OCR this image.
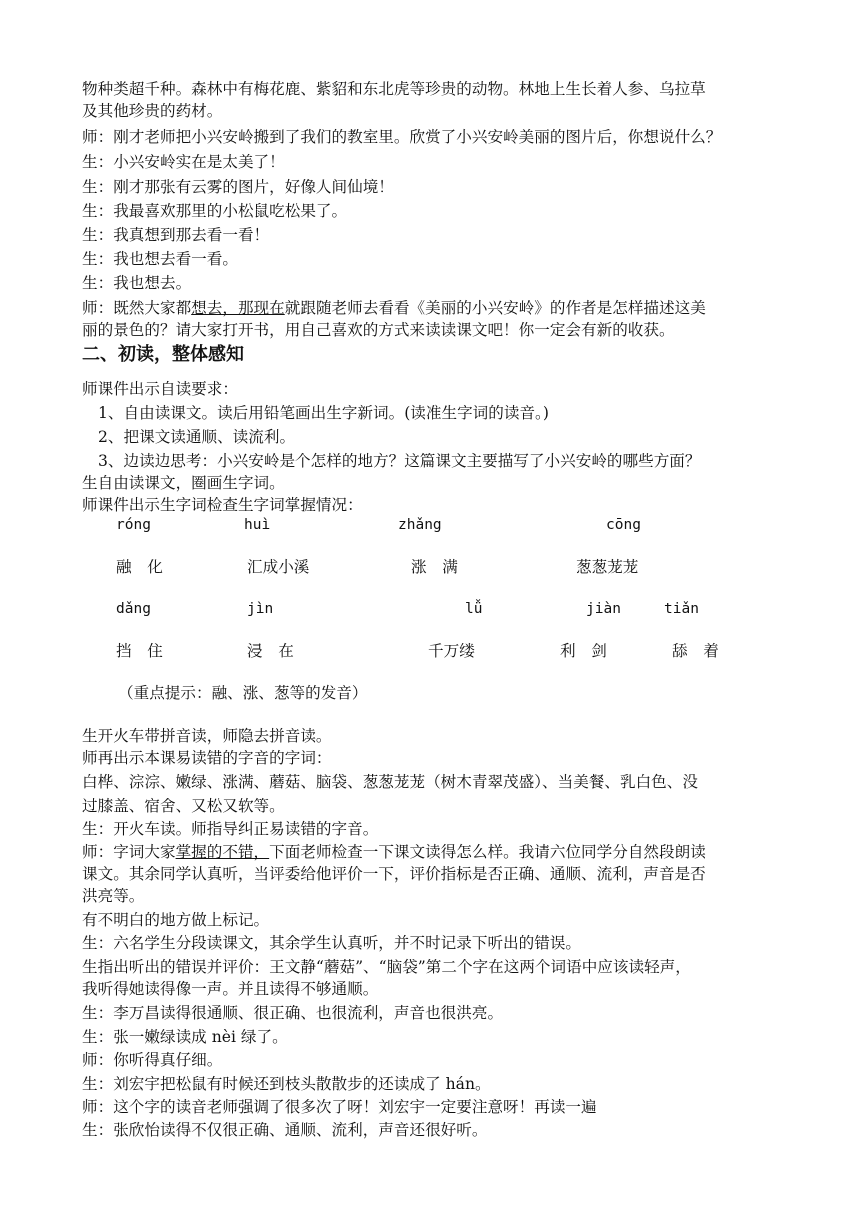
物种类超千种。森林中有梅花鹿、紫貂和东北虎等珍贵的动物。林地上生长着人参、乌拉草
及其他珍贵的药材。
师：刚才老师把小兴安岭搬到了我们的教室里。欣赏了小兴安岭美丽的图片后，你想说什么？
生：小兴安岭实在是太美了！
生：刚才那张有云雾的图片，好像人间仙境！
生：我最喜欢那里的小松鼠吃松果了。
生：我真想到那去看一看！
生：我也想去看一看。
生：我也想去。
师：既然大家都想去，那现在就跟随老师去看看《美丽的小兴安岭》的作者是怎样描述这美
丽的景色的？请大家打开书，用自己喜欢的方式来读读课文吧！你一定会有新的收获。
二、初读，整体感知
师课件出示自读要求：
1、自由读课文。读后用铅笔画出生字新词。(读准生字词的读音。)
2、把课文读通顺、读流利。
3、边读边思考：小兴安岭是个怎样的地方？这篇课文主要描写了小兴安岭的哪些方面？
生自由读课文，圈画生字词。
师课件出示生字词检查生字词掌握情况：
róng	huì	zhǎng	cōng
融　化	汇成小溪	涨　满	葱葱茏茏
dǎng	jìn	lǚ	jiàn	tiǎn
挡　住	浸　在	千万缕	利　剑	舔　着
（重点提示：融、涨、葱等的发音）
生开火车带拼音读，师隐去拼音读。
师再出示本课易读错的字音的字词：
白桦、淙淙、嫩绿、涨满、蘑菇、脑袋、葱葱茏茏（树木青翠茂盛）、当美餐、乳白色、没
过膝盖、宿舍、又松又软等。
生：开火车读。师指导纠正易读错的字音。
师：字词大家掌握的不错，下面老师检查一下课文读得怎么样。我请六位同学分自然段朗读
课文。其余同学认真听，当评委给他评价一下，评价指标是否正确、通顺、流利，声音是否
洪亮等。
有不明白的地方做上标记。
生：六名学生分段读课文，其余学生认真听，并不时记录下听出的错误。
生指出听出的错误并评价：王文静“蘑菇”、“脑袋”第二个字在这两个词语中应该读轻声，
我听得她读得像一声。并且读得不够通顺。
生：李万昌读得很通顺、很正确、也很流利，声音也很洪亮。
生：张一嫩绿读成 nèi 绿了。
师：你听得真仔细。
生：刘宏宇把松鼠有时候还到枝头散散步的还读成了 hán。
师：这个字的读音老师强调了很多次了呀！刘宏宇一定要注意呀！再读一遍
生：张欣怡读得不仅很正确、通顺、流利，声音还很好听。
